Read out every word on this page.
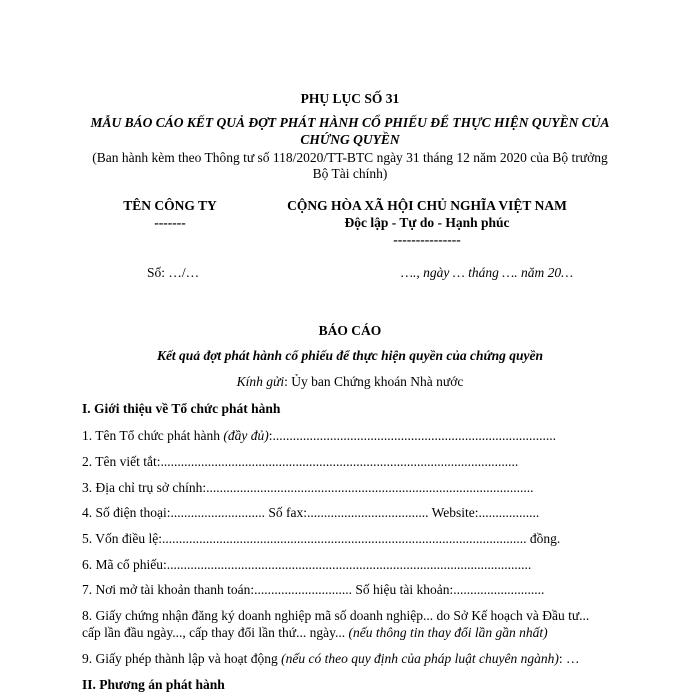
PHỤ LỤC SỐ 31
MẪU BÁO CÁO KẾT QUẢ ĐỢT PHÁT HÀNH CỔ PHIẾU ĐỂ THỰC HIỆN QUYỀN CỦA
CHỨNG QUYỀN
(Ban hành kèm theo Thông tư số 118/2020/TT-BTC ngày 31 tháng 12 năm 2020 của Bộ trưởng
Bộ Tài chính)
TÊN CÔNG TY
-------
Số: …/…
CỘNG HÒA XÃ HỘI CHỦ NGHĨA VIỆT NAM
Độc lập - Tự do - Hạnh phúc
---------------
…., ngày … tháng …. năm 20…
BÁO CÁO
Kết quả đợt phát hành cổ phiếu để thực hiện quyền của chứng quyền
Kính gửi: Ủy ban Chứng khoán Nhà nước
I. Giới thiệu về Tổ chức phát hành
1. Tên Tổ chức phát hành (đầy đủ):....................................................................................
2. Tên viết tắt:..........................................................................................................
3. Địa chỉ trụ sở chính:.................................................................................................
4. Số điện thoại:............................ Số fax:.................................... Website:..................
5. Vốn điều lệ:............................................................................................................ đồng.
6. Mã cổ phiếu:............................................................................................................
7. Nơi mở tài khoản thanh toán:............................. Số hiệu tài khoản:...........................
8. Giấy chứng nhận đăng ký doanh nghiệp mã số doanh nghiệp... do Sở Kế hoạch và Đầu tư...
cấp lần đầu ngày..., cấp thay đổi lần thứ... ngày... (nếu thông tin thay đổi lần gần nhất)
9. Giấy phép thành lập và hoạt động (nếu có theo quy định của pháp luật chuyên ngành): …
II. Phương án phát hành
